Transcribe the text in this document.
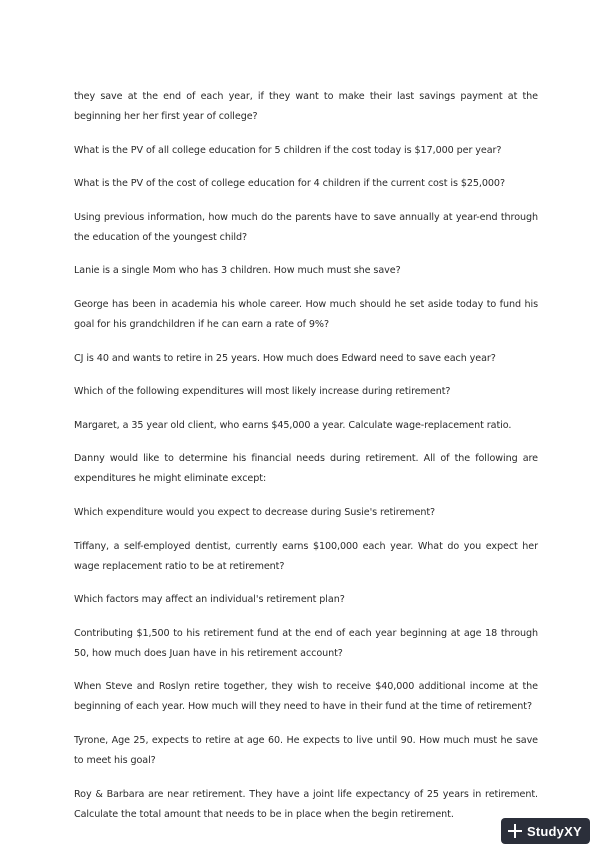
they save at the end of each year, if they want to make their last savings payment at the beginning her her first year of college?

What is the PV of all college education for 5 children if the cost today is $17,000 per year?

What is the PV of the cost of college education for 4 children if the current cost is $25,000?

Using previous information, how much do the parents have to save annually at year-end through the education of the youngest child?

Lanie is a single Mom who has 3 children. How much must she save?

George has been in academia his whole career. How much should he set aside today to fund his goal for his grandchildren if he can earn a rate of 9%?

CJ is 40 and wants to retire in 25 years. How much does Edward need to save each year?

Which of the following expenditures will most likely increase during retirement?

Margaret, a 35 year old client, who earns $45,000 a year. Calculate wage-replacement ratio.

Danny would like to determine his financial needs during retirement. All of the following are expenditures he might eliminate except:

Which expenditure would you expect to decrease during Susie's retirement?

Tiffany, a self-employed dentist, currently earns $100,000 each year. What do you expect her wage replacement ratio to be at retirement?

Which factors may affect an individual's retirement plan?

Contributing $1,500 to his retirement fund at the end of each year beginning at age 18 through 50, how much does Juan have in his retirement account?

When Steve and Roslyn retire together, they wish to receive $40,000 additional income at the beginning of each year. How much will they need to have in their fund at the time of retirement?

Tyrone, Age 25, expects to retire at age 60. He expects to live until 90. How much must he save to meet his goal?

Roy & Barbara are near retirement. They have a joint life expectancy of 25 years in retirement. Calculate the total amount that needs to be in place when the begin retirement.

StudyXY
